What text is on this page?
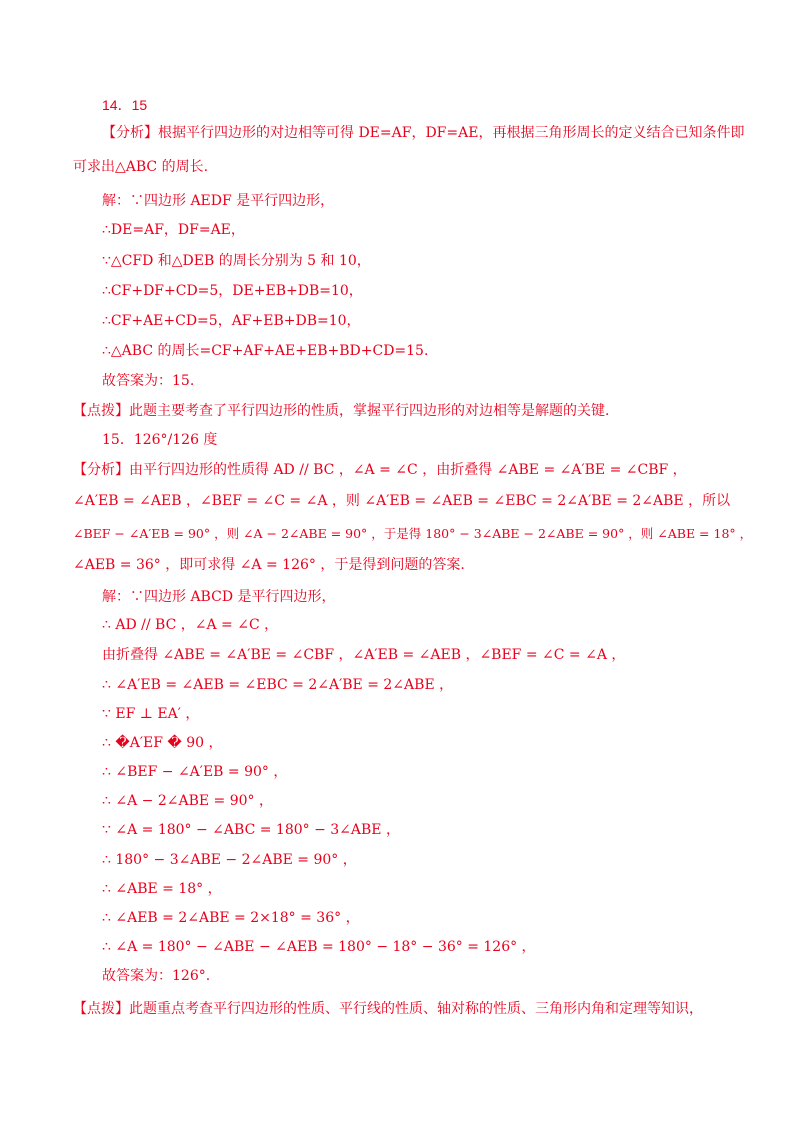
14．15
【分析】根据平行四边形的对边相等可得 DE=AF，DF=AE，再根据三角形周长的定义结合已知条件即
可求出△ABC 的周长.
解：∵四边形 AEDF 是平行四边形，
∴DE=AF，DF=AE，
∵△CFD 和△DEB 的周长分别为 5 和 10，
∴CF+DF+CD=5，DE+EB+DB=10，
∴CF+AE+CD=5，AF+EB+DB=10，
∴△ABC 的周长=CF+AF+AE+EB+BD+CD=15.
故答案为：15.
【点拨】此题主要考查了平行四边形的性质，掌握平行四边形的对边相等是解题的关键.
15．126°/126 度
【分析】由平行四边形的性质得 AD // BC ，∠A = ∠C ，由折叠得 ∠ABE = ∠A′BE = ∠CBF ，
∠A′EB = ∠AEB ，∠BEF = ∠C = ∠A ，则 ∠A′EB = ∠AEB = ∠EBC = 2∠A′BE = 2∠ABE ，所以
∠BEF − ∠A′EB = 90° ，则 ∠A − 2∠ABE = 90° ，于是得 180° − 3∠ABE − 2∠ABE = 90° ，则 ∠ABE = 18° ，
∠AEB = 36° ，即可求得 ∠A = 126° ，于是得到问题的答案.
解：∵四边形 ABCD 是平行四边形，
∴ AD // BC ，∠A = ∠C ，
由折叠得 ∠ABE = ∠A′BE = ∠CBF ，∠A′EB = ∠AEB ，∠BEF = ∠C = ∠A ，
∴ ∠A′EB = ∠AEB = ∠EBC = 2∠A′BE = 2∠ABE ，
∵ EF ⊥ EA′ ，
∴ �A′EF � 90 ，
∴ ∠BEF − ∠A′EB = 90° ，
∴ ∠A − 2∠ABE = 90° ，
∵ ∠A = 180° − ∠ABC = 180° − 3∠ABE ，
∴ 180° − 3∠ABE − 2∠ABE = 90° ，
∴ ∠ABE = 18° ，
∴ ∠AEB = 2∠ABE = 2×18° = 36° ，
∴ ∠A = 180° − ∠ABE − ∠AEB = 180° − 18° − 36° = 126° ，
故答案为：126°.
【点拨】此题重点考查平行四边形的性质、平行线的性质、轴对称的性质、三角形内角和定理等知识，
